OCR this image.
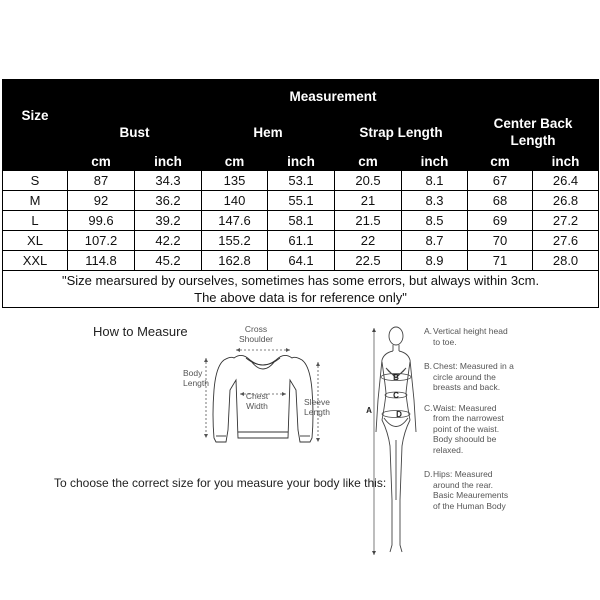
Size	Measurement							
	Bust		Hem		Strap Length		Center Back Length	
	cm	inch	cm	inch	cm	inch	cm	inch
S	87	34.3	135	53.1	20.5	8.1	67	26.4
M	92	36.2	140	55.1	21	8.3	68	26.8
L	99.6	39.2	147.6	58.1	21.5	8.5	69	27.2
XL	107.2	42.2	155.2	61.1	22	8.7	70	27.6
XXL	114.8	45.2	162.8	64.1	22.5	8.9	71	28.0

"Size mearsured by ourselves, sometimes has some errors, but always within 3cm.
The above data is for reference only"								
How to Measure	Cross
Shoulder
Body
Length
Chest
Width	Sleeve
Length
To choose the correct size for you measure your body like this:
B
C
D
A
A. Vertical height head
to toe.
B. Chest: Measured in a
circle around the
breasts and back.
C. Waist: Measured
from the narrowest
point of the waist.
Body shoould be
relaxed.
D. Hips: Measured
around the rear.
Basic Meaurements
of the Human Body
